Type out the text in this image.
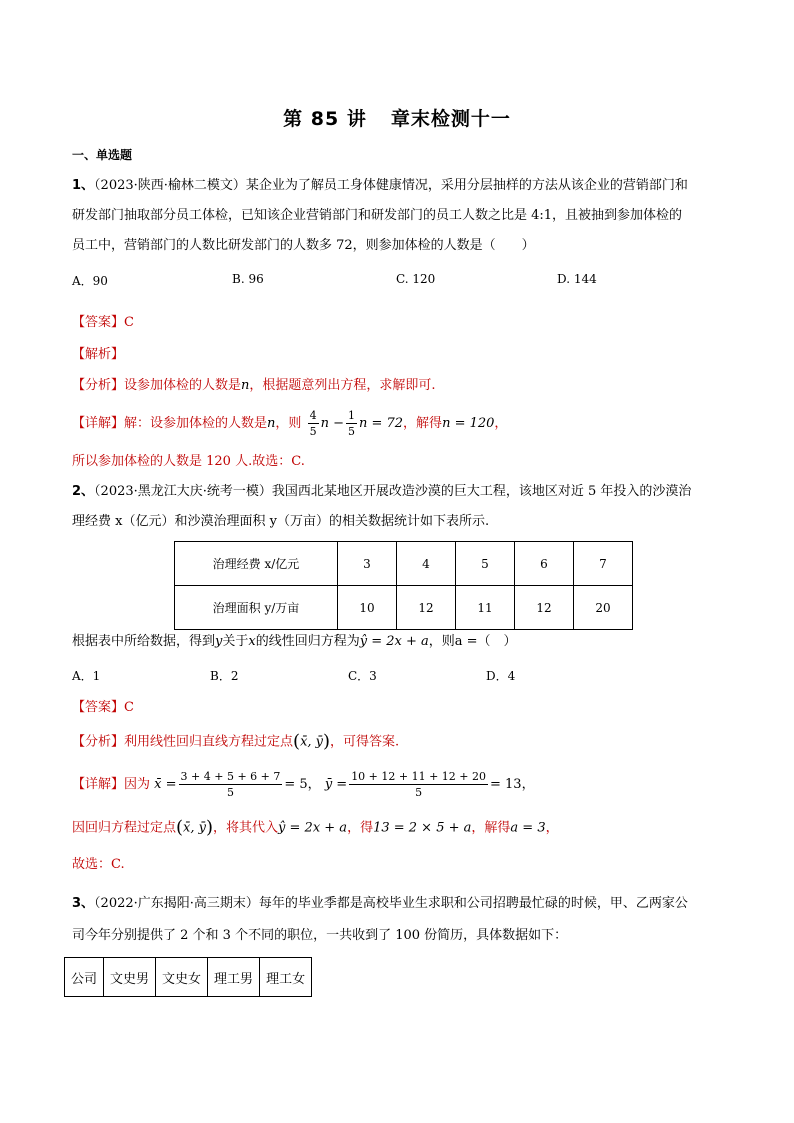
第 85 讲 章末检测十一
一、单选题
1、（2023·陕西·榆林二模文）某企业为了解员工身体健康情况，采用分层抽样的方法从该企业的营销部门和
研发部门抽取部分员工体检，已知该企业营销部门和研发部门的员工人数之比是 4:1，且被抽到参加体检的
员工中，营销部门的人数比研发部门的人数多 72，则参加体检的人数是（　　）
A．90	B. 96	C. 120	D. 144
【答案】C
【解析】
【分析】设参加体检的人数是n，根据题意列出方程，求解即可.
【详解】解：设参加体检的人数是n，则 $\frac{4}{5}$ $n - \frac{1}{5}$ n = 72，解得n = 120，
所以参加体检的人数是 120 人.故选：C.
2、（2023·黑龙江大庆·统考一模）我国西北某地区开展改造沙漠的巨大工程，该地区对近 5 年投入的沙漠治
理经费 x（亿元）和沙漠治理面积 y（万亩）的相关数据统计如下表所示.
治理经费 x/亿元	3	4	5	6	7
治理面积 y/万亩	10	12	11	12	20
根据表中所给数据，得到y关于x的线性回归方程为ŷ = 2x + a，则a =（　）
A．1	B．2	C．3	D．4
【答案】C
【分析】利用线性回归直线方程过定点(x̄, ȳ)，可得答案.
【详解】因为 x̄ = $\frac{3 + 4 + 5 + 6 + 7}{5} = 5$， ȳ = $\frac{10 + 12 + 11 + 12 + 20}{5} = 13$，
因回归方程过定点(x̄, ȳ)，将其代入ŷ = 2x + a，得13 = 2 × 5 + a，解得a = 3，
故选：C.
3、（2022·广东揭阳·高三期末）每年的毕业季都是高校毕业生求职和公司招聘最忙碌的时候，甲、乙两家公
司今年分别提供了 2 个和 3 个不同的职位，一共收到了 100 份简历，具体数据如下：
公司	文史男	文史女	理工男	理工女
